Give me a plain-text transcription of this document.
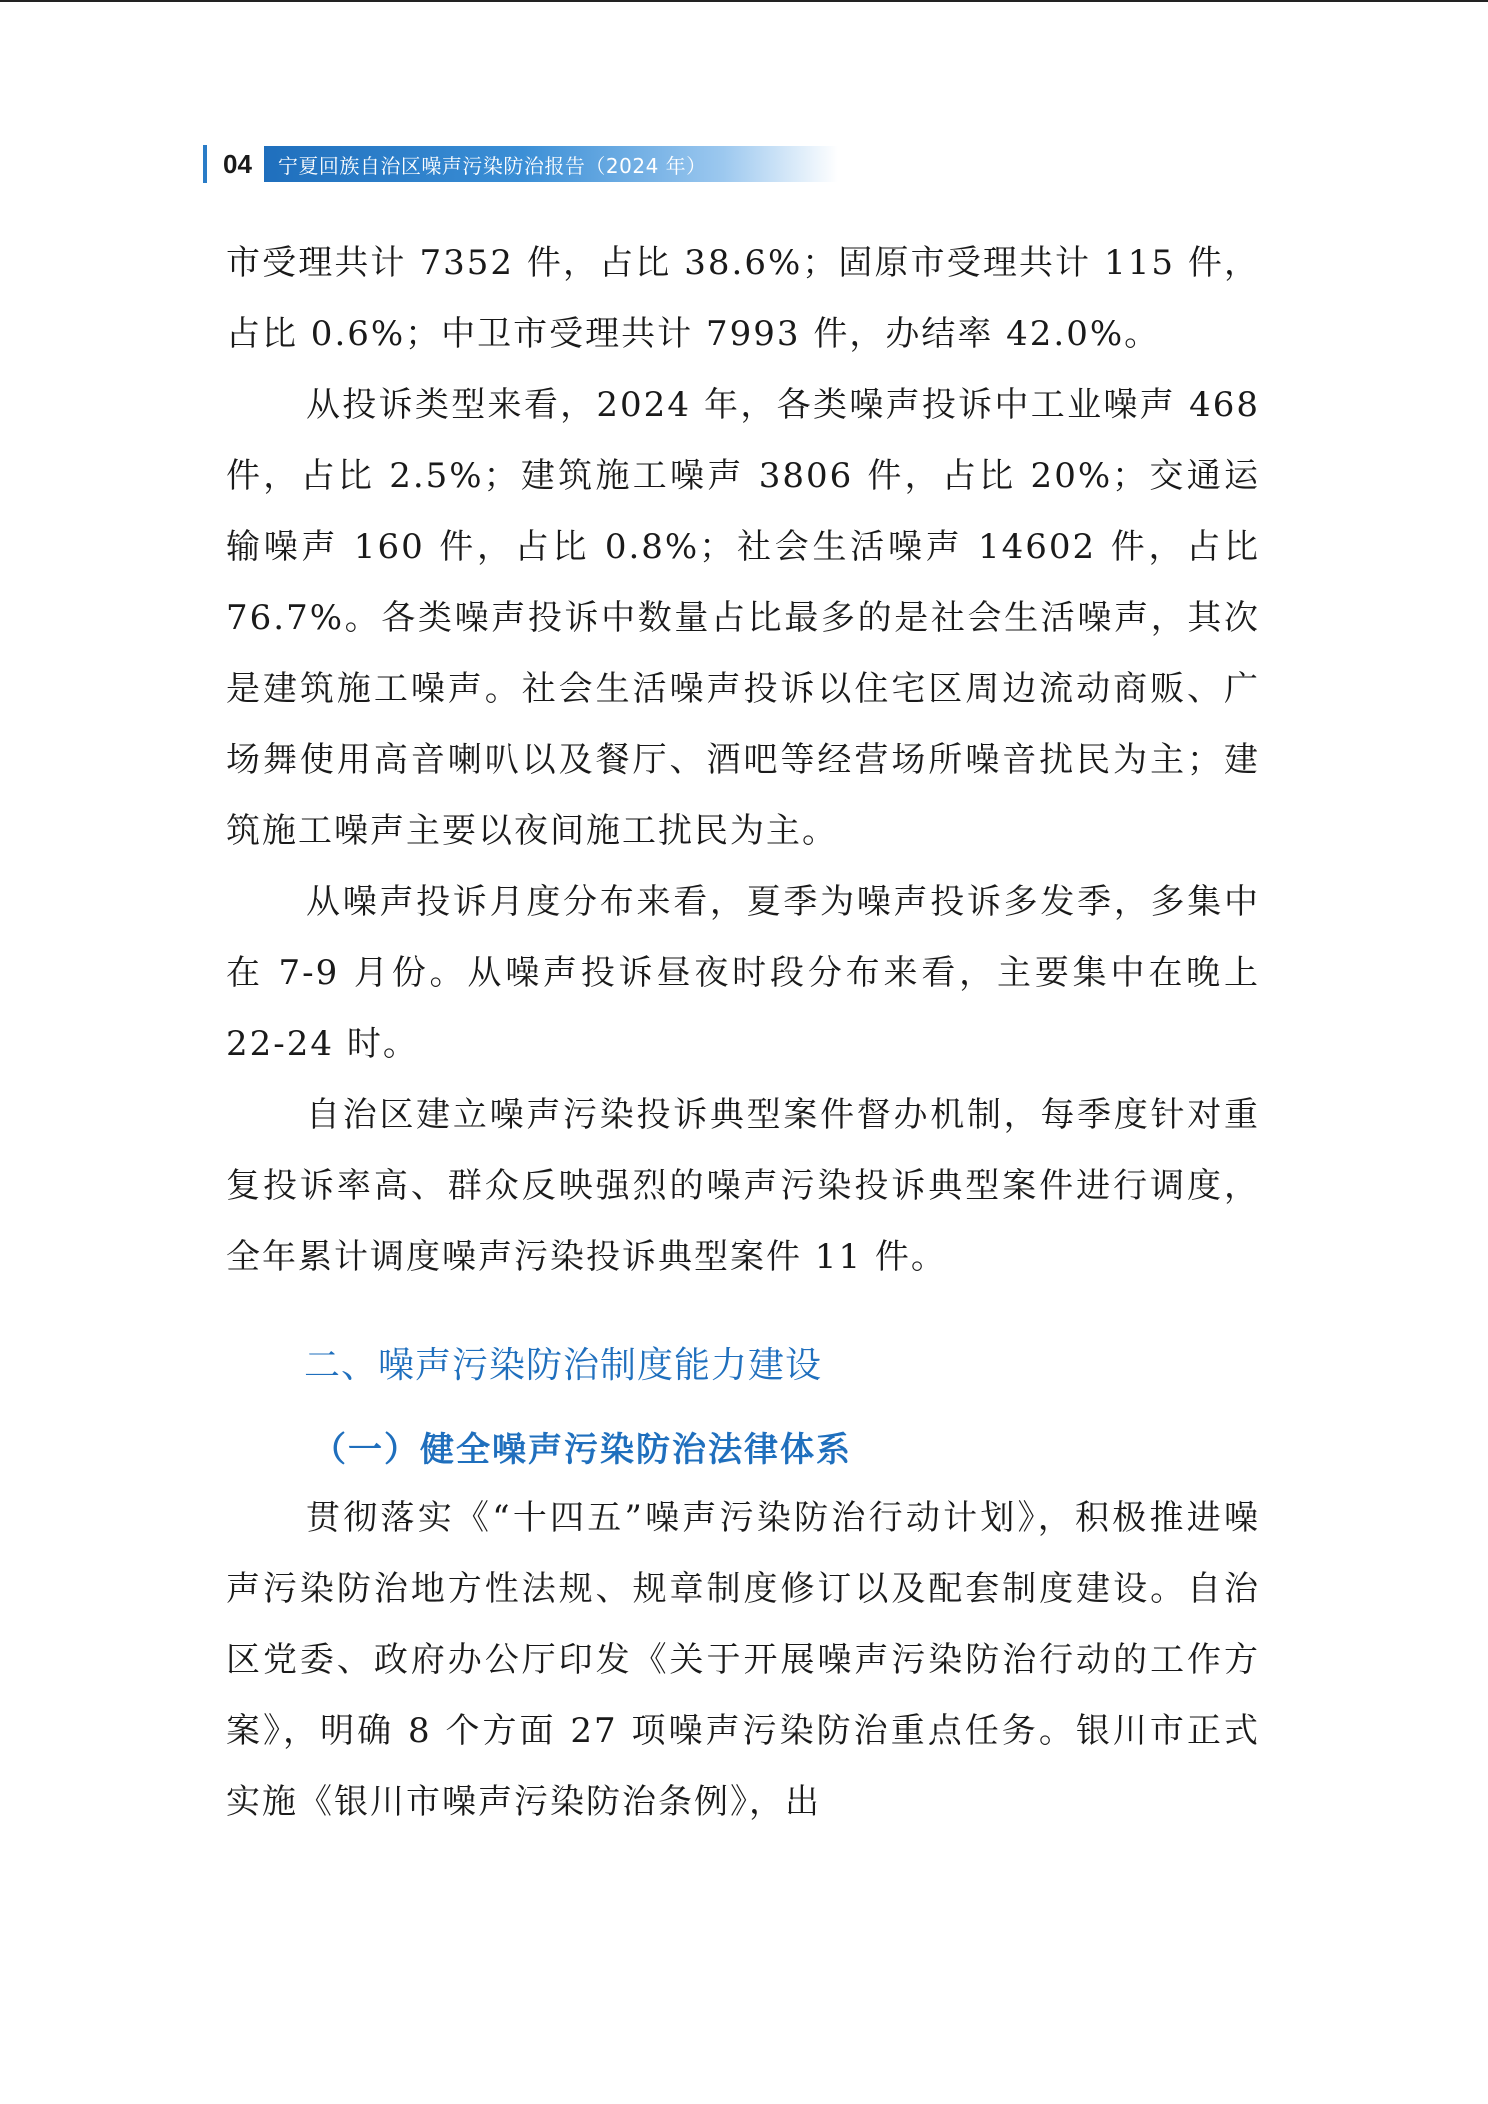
04 宁夏回族自治区噪声污染防治报告（2024 年）

市受理共计 7352 件，占比 38.6%；固原市受理共计 115 件，占比 0.6%；中卫市受理共计 7993 件，办结率 42.0%。

从投诉类型来看，2024 年，各类噪声投诉中工业噪声 468 件，占比 2.5%；建筑施工噪声 3806 件，占比 20%；交通运输噪声 160 件，占比 0.8%；社会生活噪声 14602 件，占比 76.7%。各类噪声投诉中数量占比最多的是社会生活噪声，其次是建筑施工噪声。社会生活噪声投诉以住宅区周边流动商贩、广场舞使用高音喇叭以及餐厅、酒吧等经营场所噪音扰民为主；建筑施工噪声主要以夜间施工扰民为主。

从噪声投诉月度分布来看，夏季为噪声投诉多发季，多集中在 7-9 月份。从噪声投诉昼夜时段分布来看，主要集中在晚上 22-24 时。

自治区建立噪声污染投诉典型案件督办机制，每季度针对重复投诉率高、群众反映强烈的噪声污染投诉典型案件进行调度，全年累计调度噪声污染投诉典型案件 11 件。

二、噪声污染防治制度能力建设
（一）健全噪声污染防治法律体系

贯彻落实《“十四五”噪声污染防治行动计划》，积极推进噪声污染防治地方性法规、规章制度修订以及配套制度建设。自治区党委、政府办公厅印发《关于开展噪声污染防治行动的工作方案》，明确 8 个方面 27 项噪声污染防治重点任务。银川市正式实施《银川市噪声污染防治条例》，出
